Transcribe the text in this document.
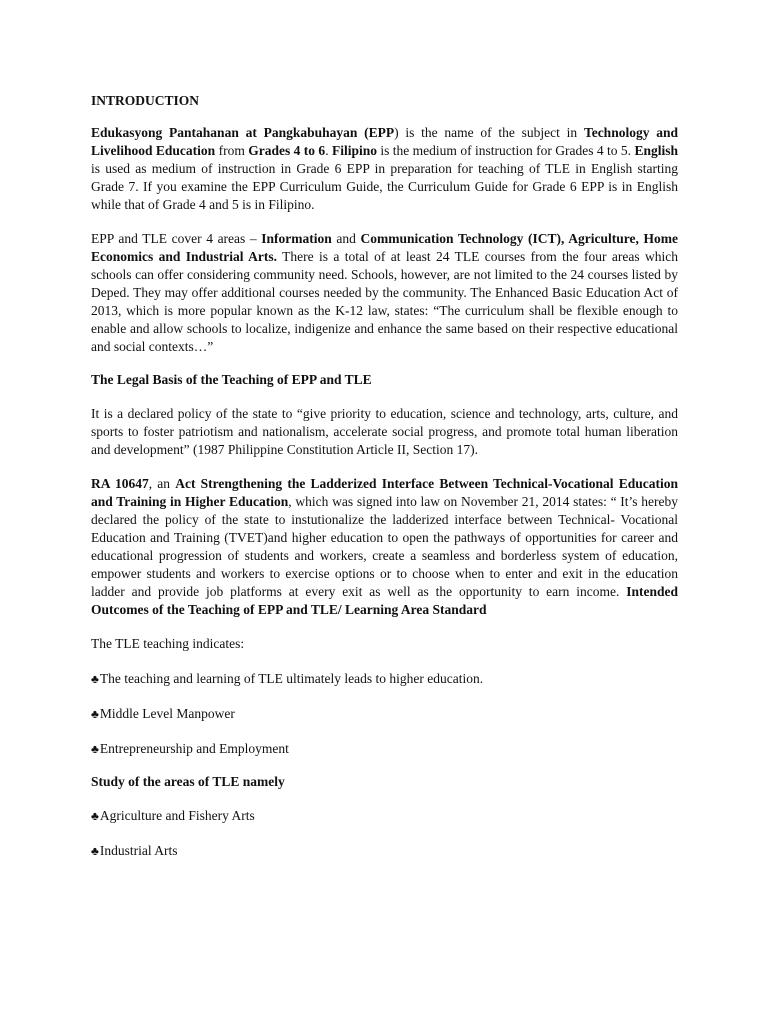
INTRODUCTION

Edukasyong Pantahanan at Pangkabuhayan (EPP) is the name of the subject in Technology and Livelihood Education from Grades 4 to 6. Filipino is the medium of instruction for Grades 4 to 5. English is used as medium of instruction in Grade 6 EPP in preparation for teaching of TLE in English starting Grade 7. If you examine the EPP Curriculum Guide, the Curriculum Guide for Grade 6 EPP is in English while that of Grade 4 and 5 is in Filipino.

EPP and TLE cover 4 areas – Information and Communication Technology (ICT), Agriculture, Home Economics and Industrial Arts. There is a total of at least 24 TLE courses from the four areas which schools can offer considering community need. Schools, however, are not limited to the 24 courses listed by Deped. They may offer additional courses needed by the community. The Enhanced Basic Education Act of 2013, which is more popular known as the K-12 law, states: “The curriculum shall be flexible enough to enable and allow schools to localize, indigenize and enhance the same based on their respective educational and social contexts…”

The Legal Basis of the Teaching of EPP and TLE

It is a declared policy of the state to “give priority to education, science and technology, arts, culture, and sports to foster patriotism and nationalism, accelerate social progress, and promote total human liberation and development” (1987 Philippine Constitution Article II, Section 17).

RA 10647, an Act Strengthening the Ladderized Interface Between Technical-Vocational Education and Training in Higher Education, which was signed into law on November 21, 2014 states: “ It’s hereby declared the policy of the state to instutionalize the ladderized interface between Technical- Vocational Education and Training (TVET)and higher education to open the pathways of opportunities for career and educational progression of students and workers, create a seamless and borderless system of education, empower students and workers to exercise options or to choose when to enter and exit in the education ladder and provide job platforms at every exit as well as the opportunity to earn income. Intended Outcomes of the Teaching of EPP and TLE/ Learning Area Standard

The TLE teaching indicates:

♣ The teaching and learning of TLE ultimately leads to higher education.

♣ Middle Level Manpower

♣ Entrepreneurship and Employment

Study of the areas of TLE namely

♣ Agriculture and Fishery Arts

♣ Industrial Arts
